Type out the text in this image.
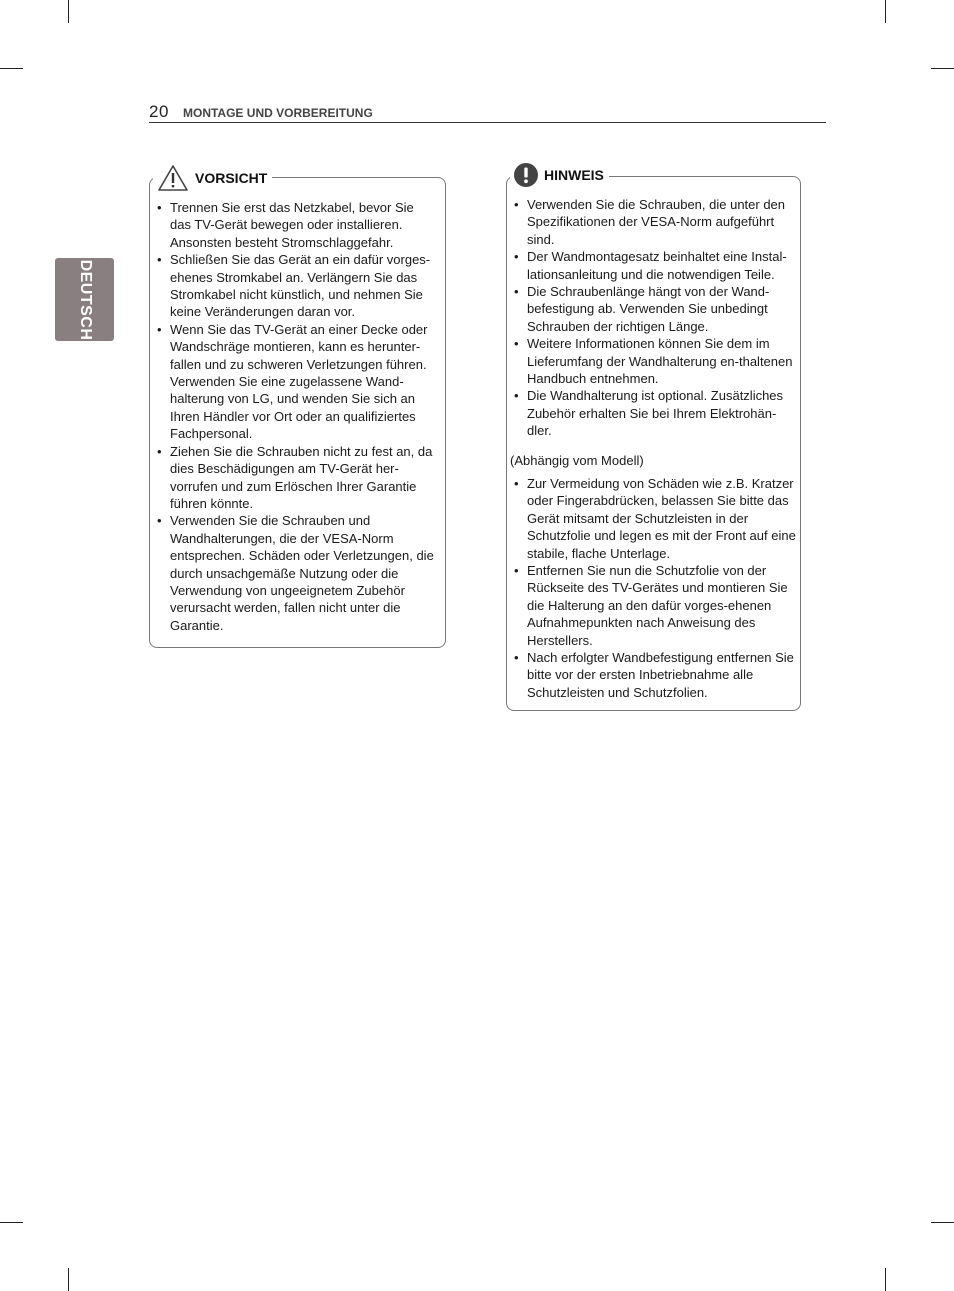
20 MONTAGE UND VORBEREITUNG
DEUTSCH
VORSICHT
• Trennen Sie erst das Netzkabel, bevor Sie das TV-Gerät bewegen oder installieren. Ansonsten besteht Stromschlaggefahr.
• Schließen Sie das Gerät an ein dafür vorges-ehenes Stromkabel an. Verlängern Sie das Stromkabel nicht künstlich, und nehmen Sie keine Veränderungen daran vor.
• Wenn Sie das TV-Gerät an einer Decke oder Wandschräge montieren, kann es herunter-fallen und zu schweren Verletzungen führen. Verwenden Sie eine zugelassene Wand-halterung von LG, und wenden Sie sich an Ihren Händler vor Ort oder an qualifiziertes Fachpersonal.
• Ziehen Sie die Schrauben nicht zu fest an, da dies Beschädigungen am TV-Gerät her-vorrufen und zum Erlöschen Ihrer Garantie führen könnte.
• Verwenden Sie die Schrauben und Wandhalterungen, die der VESA-Norm entsprechen. Schäden oder Verletzungen, die durch unsachgemäße Nutzung oder die Verwendung von ungeeignetem Zubehör verursacht werden, fallen nicht unter die Garantie.
HINWEIS
• Verwenden Sie die Schrauben, die unter den Spezifikationen der VESA-Norm aufgeführt sind.
• Der Wandmontagesatz beinhaltet eine Instal-lationsanleitung und die notwendigen Teile.
• Die Schraubenlänge hängt von der Wand-befestigung ab. Verwenden Sie unbedingt Schrauben der richtigen Länge.
• Weitere Informationen können Sie dem im Lieferumfang der Wandhalterung en-thaltenen Handbuch entnehmen.
• Die Wandhalterung ist optional. Zusätzliches Zubehör erhalten Sie bei Ihrem Elektrohän-dler.
(Abhängig vom Modell)
• Zur Vermeidung von Schäden wie z.B. Kratzer oder Fingerabdrücken, belassen Sie bitte das Gerät mitsamt der Schutzleisten in der Schutzfolie und legen es mit der Front auf eine stabile, flache Unterlage.
• Entfernen Sie nun die Schutzfolie von der Rückseite des TV-Gerätes und montieren Sie die Halterung an den dafür vorges-ehenen Aufnahmepunkten nach Anweisung des Herstellers.
• Nach erfolgter Wandbefestigung entfernen Sie bitte vor der ersten Inbetriebnahme alle Schutzleisten und Schutzfolien.
